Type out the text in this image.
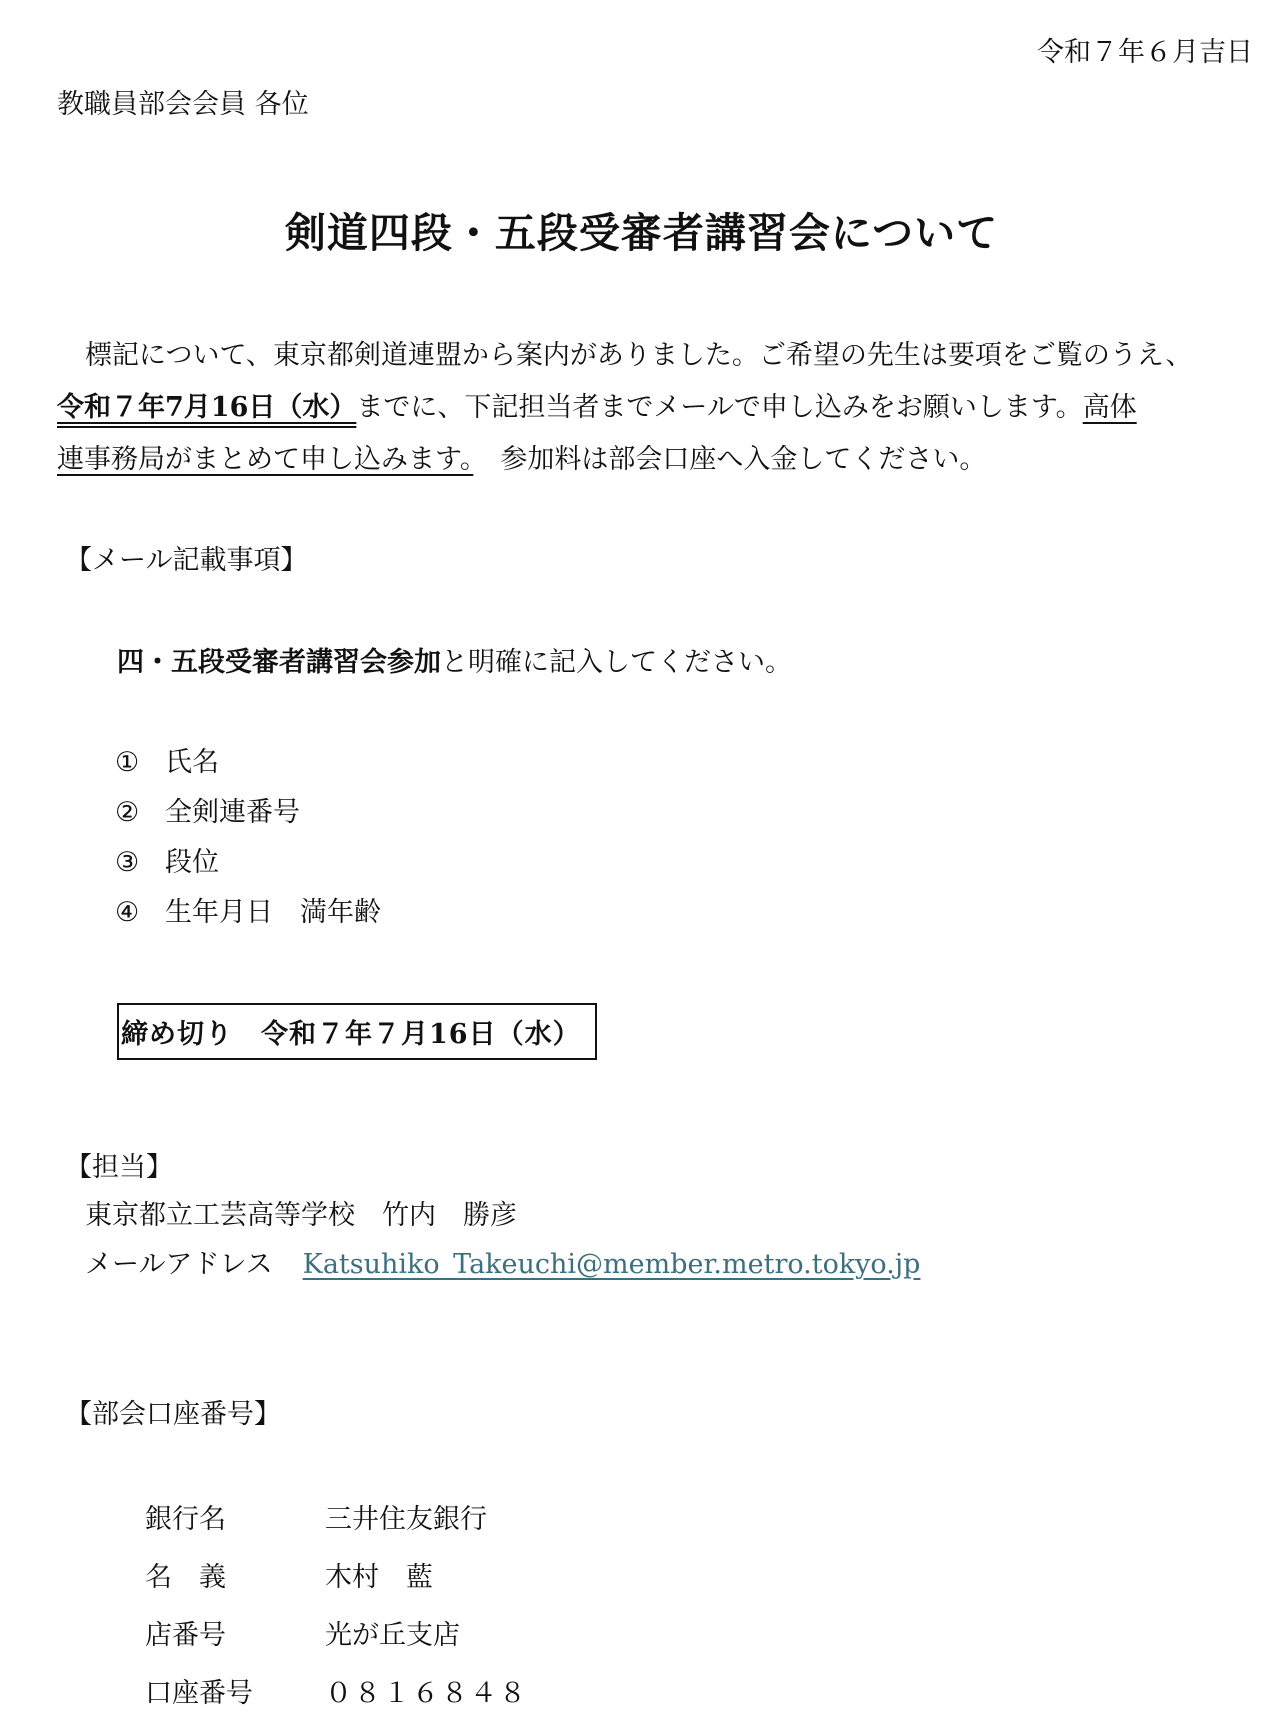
令和７年６月吉日
教職員部会会員 各位
剣道四段・五段受審者講習会について

標記について、東京都剣道連盟から案内がありました。ご希望の先生は要項をご覧のうえ、

令和７年7月16日（水）までに、下記担当者までメールで申し込みをお願いします。高体

連事務局がまとめて申し込みます。　参加料は部会口座へ入金してください。

【メール記載事項】
四・五段受審者講習会参加と明確に記入してください。
① 氏名
② 全剣連番号
③ 段位
④ 生年月日　満年齢
締め切り　令和７年７月16日（水）
【担当】
東京都立工芸高等学校　竹内　勝彦
メールアドレス Katsuhiko_Takeuchi@member.metro.tokyo.jp
【部会口座番号】
銀行名	三井住友銀行
名　義	木村　藍
店番号	光が丘支店
口座番号	０８１６８４８
